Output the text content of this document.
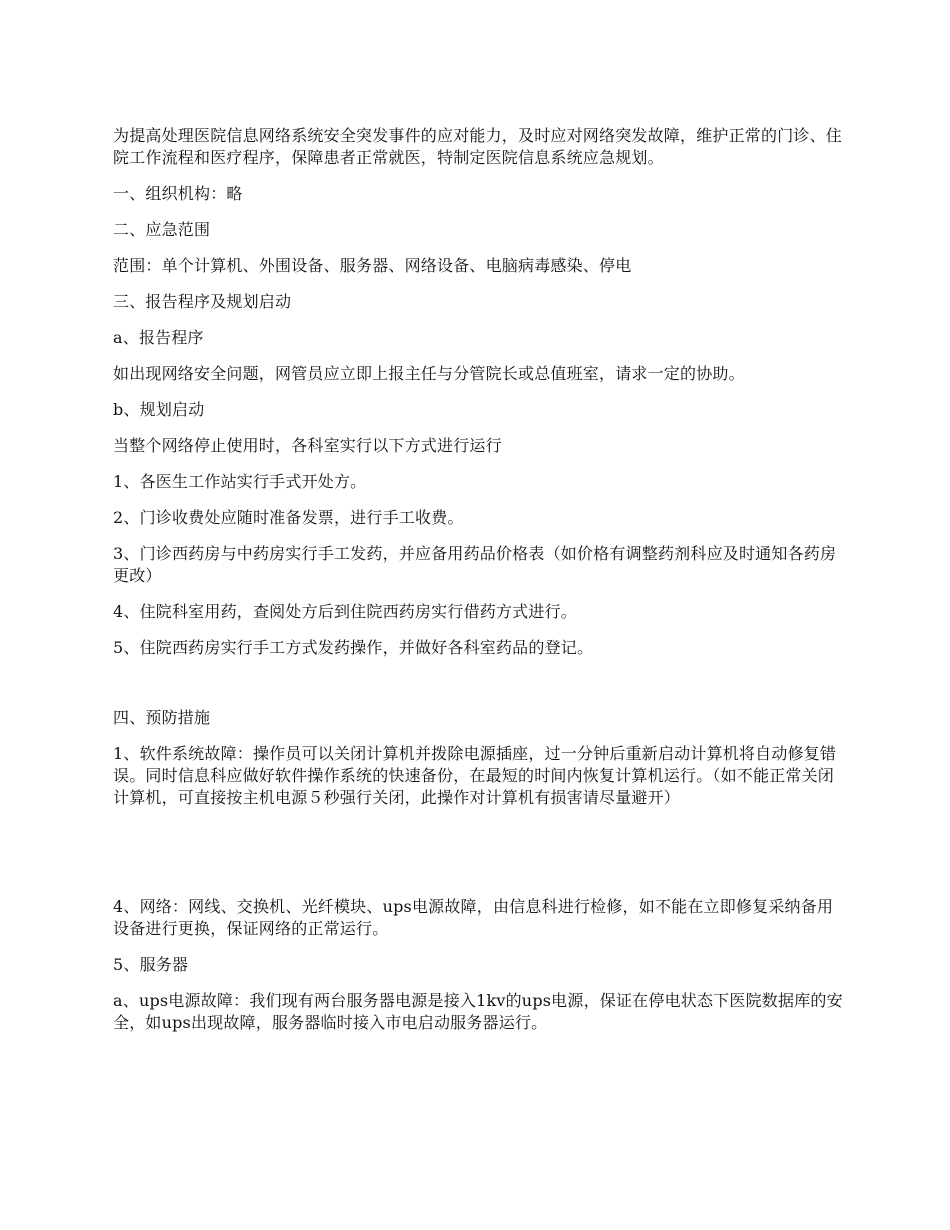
为提高处理医院信息网络系统安全突发事件的应对能力，及时应对网络突发故障，维护正常的门诊、住院工作流程和医疗程序，保障患者正常就医，特制定医院信息系统应急规划。

一、组织机构：略

二、应急范围

范围：单个计算机、外围设备、服务器、网络设备、电脑病毒感染、停电

三、报告程序及规划启动

a、报告程序

如出现网络安全问题，网管员应立即上报主任与分管院长或总值班室，请求一定的协助。

b、规划启动

当整个网络停止使用时，各科室实行以下方式进行运行

1、各医生工作站实行手式开处方。

2、门诊收费处应随时准备发票，进行手工收费。

3、门诊西药房与中药房实行手工发药，并应备用药品价格表（如价格有调整药剂科应及时通知各药房更改）

4、住院科室用药，查阅处方后到住院西药房实行借药方式进行。

5、住院西药房实行手工方式发药操作，并做好各科室药品的登记。

四、预防措施

1、软件系统故障：操作员可以关闭计算机并拨除电源插座，过一分钟后重新启动计算机将自动修复错误。同时信息科应做好软件操作系统的快速备份，在最短的时间内恢复计算机运行。（如不能正常关闭计算机，可直接按主机电源５秒强行关闭，此操作对计算机有损害请尽量避开）

4、网络：网线、交换机、光纤模块、ups电源故障，由信息科进行检修，如不能在立即修复采纳备用设备进行更换，保证网络的正常运行。

5、服务器

a、ups电源故障：我们现有两台服务器电源是接入1kv的ups电源，保证在停电状态下医院数据库的安全，如ups出现故障，服务器临时接入市电启动服务器运行。
